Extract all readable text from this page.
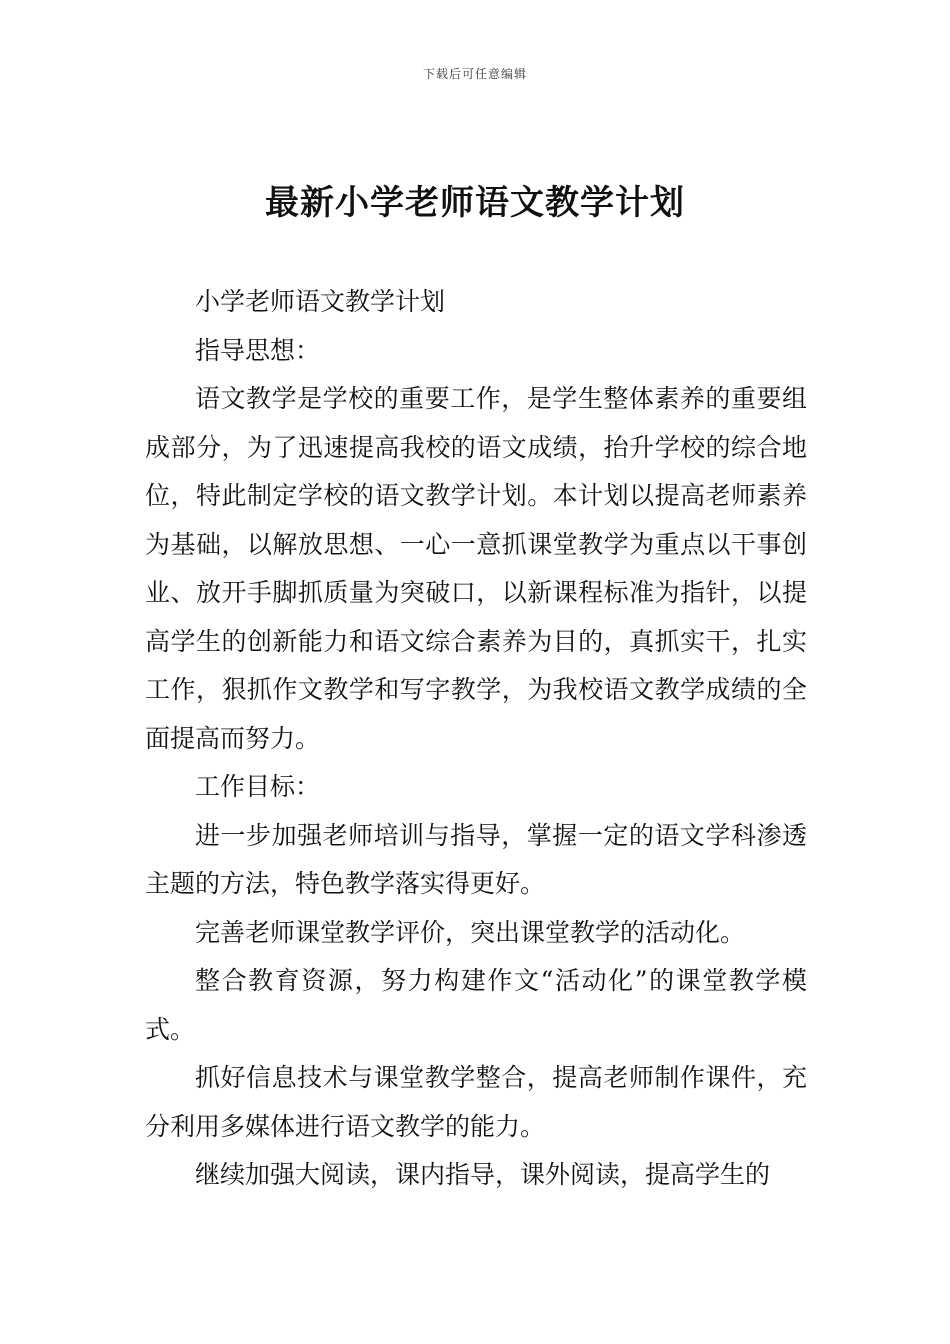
下载后可任意编辑
最新小学老师语文教学计划

小学老师语文教学计划

指导思想：

语文教学是学校的重要工作，是学生整体素养的重要组成部分，为了迅速提高我校的语文成绩，抬升学校的综合地位，特此制定学校的语文教学计划。本计划以提高老师素养为基础，以解放思想、一心一意抓课堂教学为重点以干事创业、放开手脚抓质量为突破口，以新课程标准为指针，以提高学生的创新能力和语文综合素养为目的，真抓实干，扎实工作，狠抓作文教学和写字教学，为我校语文教学成绩的全面提高而努力。

工作目标：

进一步加强老师培训与指导，掌握一定的语文学科渗透主题的方法，特色教学落实得更好。

完善老师课堂教学评价，突出课堂教学的活动化。

整合教育资源，努力构建作文“活动化”的课堂教学模式。

抓好信息技术与课堂教学整合，提高老师制作课件，充分利用多媒体进行语文教学的能力。

继续加强大阅读，课内指导，课外阅读，提高学生的
